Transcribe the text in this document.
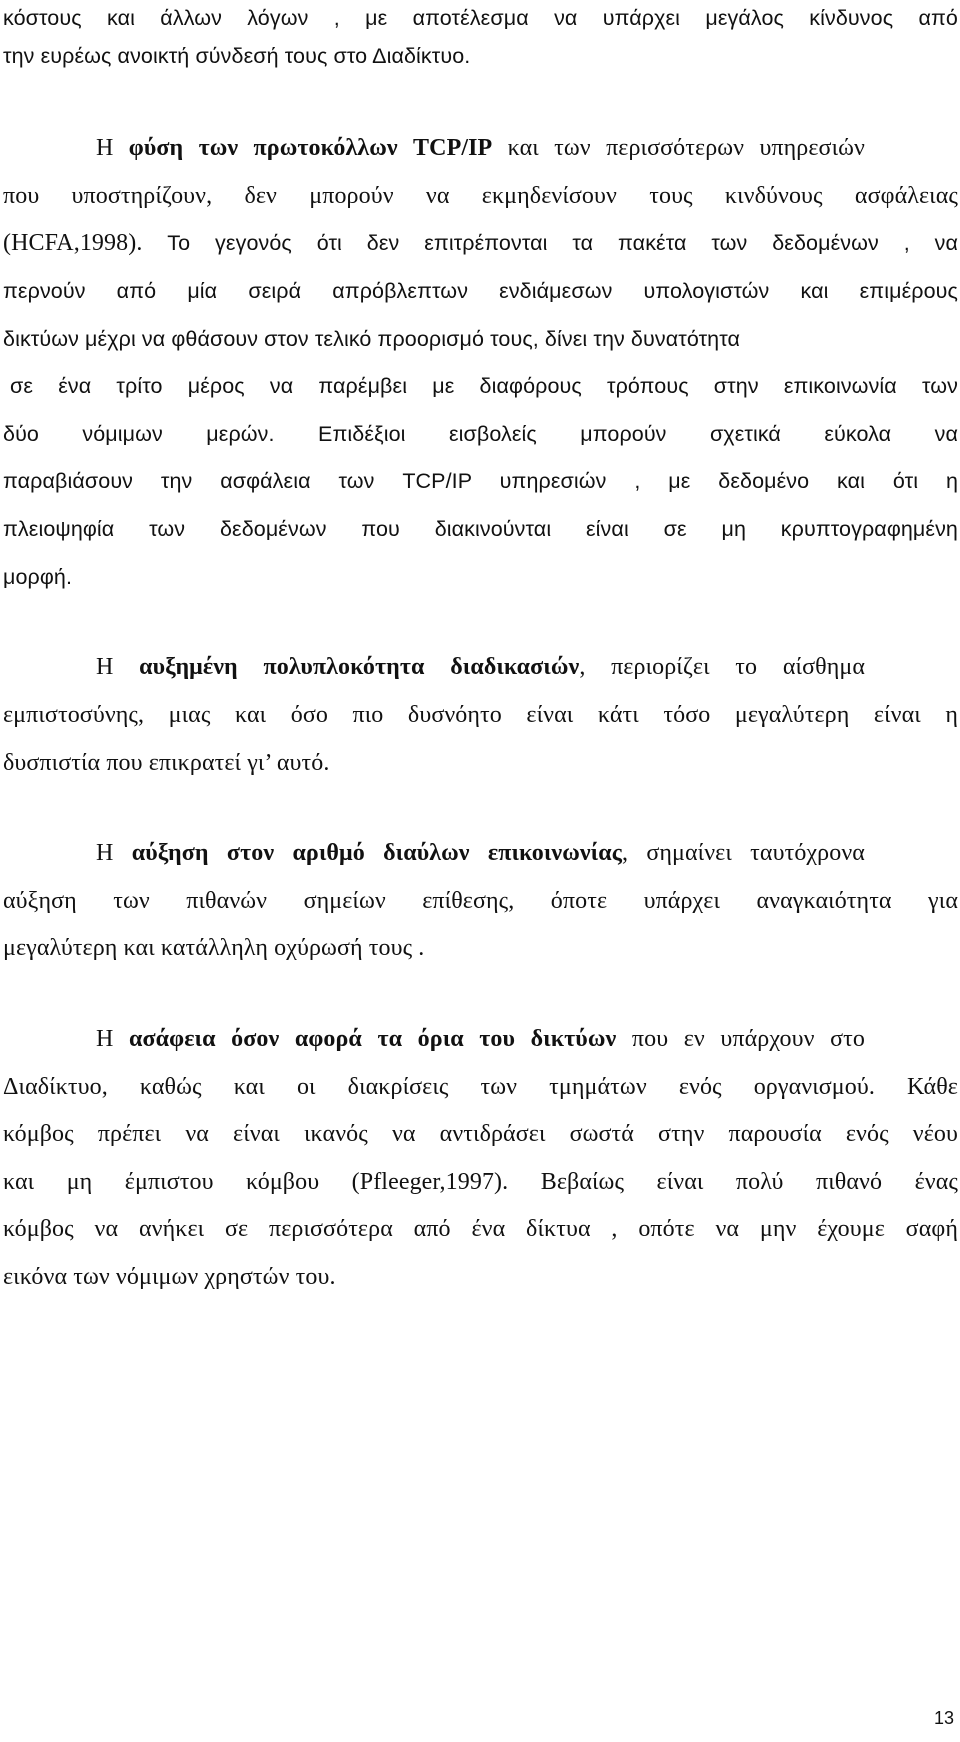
κόστους και άλλων λόγων , με αποτέλεσμα να υπάρχει μεγάλος κίνδυνος από
την ευρέως ανοικτή σύνδεσή τους στο Διαδίκτυο.
Η φύση των πρωτοκόλλων TCP/IP και των περισσότερων υπηρεσιών
που υποστηρίζουν, δεν μπορούν να εκμηδενίσουν τους κινδύνους ασφάλειας
(HCFA,1998). Το γεγονός ότι δεν επιτρέπονται τα πακέτα των δεδομένων , να
περνούν από μία σειρά απρόβλεπτων ενδιάμεσων υπολογιστών και επιμέρους
δικτύων μέχρι να φθάσουν στον τελικό προορισμό τους, δίνει την δυνατότητα
σε ένα τρίτο μέρος να παρέμβει με διαφόρους τρόπους στην επικοινωνία των
δύο νόμιμων μερών. Επιδέξιοι εισβολείς μπορούν σχετικά εύκολα να
παραβιάσουν την ασφάλεια των TCP/IP υπηρεσιών , με δεδομένο και ότι η
πλειοψηφία των δεδομένων που διακινούνται είναι σε μη κρυπτογραφημένη
μορφή.
Η αυξημένη πολυπλοκότητα διαδικασιών, περιορίζει το αίσθημα
εμπιστοσύνης, μιας και όσο πιο δυσνόητο είναι κάτι τόσο μεγαλύτερη είναι η
δυσπιστία που επικρατεί γι’ αυτό.
Η αύξηση στον αριθμό διαύλων επικοινωνίας, σημαίνει ταυτόχρονα
αύξηση των πιθανών σημείων επίθεσης, όποτε υπάρχει αναγκαιότητα για
μεγαλύτερη και κατάλληλη οχύρωσή τους .
Η ασάφεια όσον αφορά τα όρια του δικτύων που εν υπάρχουν στο
Διαδίκτυο, καθώς και οι διακρίσεις των τμημάτων ενός οργανισμού. Κάθε
κόμβος πρέπει να είναι ικανός να αντιδράσει σωστά στην παρουσία ενός νέου
και μη έμπιστου κόμβου (Pfleeger,1997). Βεβαίως είναι πολύ πιθανό ένας
κόμβος να ανήκει σε περισσότερα από ένα δίκτυα , οπότε να μην έχουμε σαφή
εικόνα των νόμιμων χρηστών του.
13
